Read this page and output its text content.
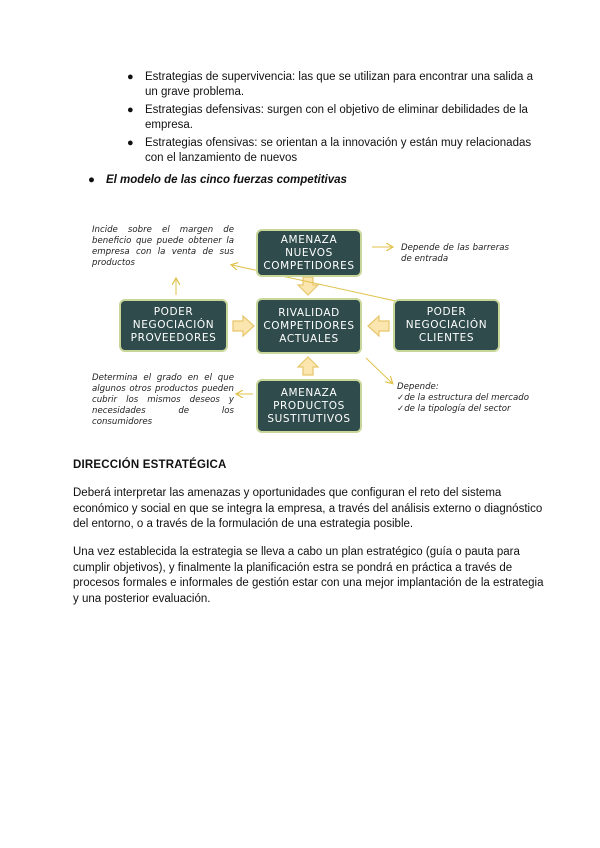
● Estrategias de supervivencia: las que se utilizan para encontrar una salida a
un grave problema.
● Estrategias defensivas: surgen con el objetivo de eliminar debilidades de la
empresa.
● Estrategias ofensivas: se orientan a la innovación y están muy relacionadas
con el lanzamiento de nuevos
● El modelo de las cinco fuerzas competitivas
AMENAZA
NUEVOS
COMPETIDORES
RIVALIDAD
COMPETIDORES
ACTUALES
PODER
NEGOCIACIÓN
PROVEEDORES
PODER
NEGOCIACIÓN
CLIENTES
AMENAZA
PRODUCTOS
SUSTITUTIVOS
Incide sobre el margen de
beneficio que puede obtener la
empresa con la venta de sus
productos
Depende de las barreras
de entrada
Determina el grado en el que
algunos otros productos pueden
cubrir los mismos deseos y
necesidades de los consumidores
Depende:
✓de la estructura del mercado
✓de la tipología del sector
DIRECCIÓN ESTRATÉGICA

Deberá interpretar las amenazas y oportunidades que configuran el reto del sistema
económico y social en que se integra la empresa, a través del análisis externo o diagnóstico
del entorno, o a través de la formulación de una estrategia posible.

Una vez establecida la estrategia se lleva a cabo un plan estratégico (guía o pauta para
cumplir objetivos), y finalmente la planificación estra se pondrá en práctica a través de
procesos formales e informales de gestión estar con una mejor implantación de la estrategia
y una posterior evaluación.
